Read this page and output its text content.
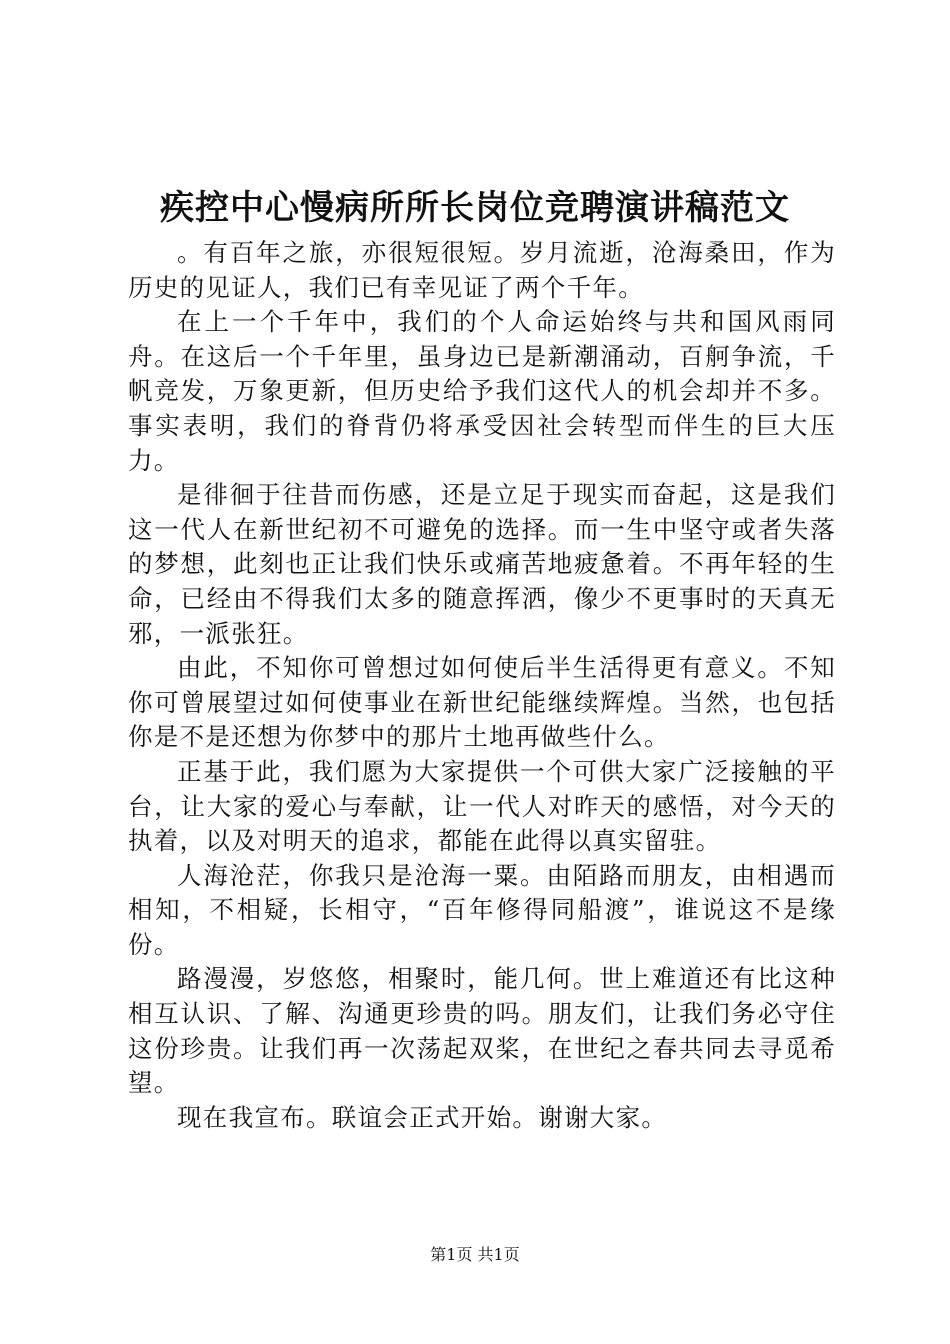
疾控中心慢病所所长岗位竞聘演讲稿范文

。有百年之旅，亦很短很短。岁月流逝，沧海桑田，作为历史的见证人，我们已有幸见证了两个千年。

在上一个千年中，我们的个人命运始终与共和国风雨同舟。在这后一个千年里，虽身边已是新潮涌动，百舸争流，千帆竞发，万象更新，但历史给予我们这代人的机会却并不多。事实表明，我们的脊背仍将承受因社会转型而伴生的巨大压力。

是徘徊于往昔而伤感，还是立足于现实而奋起，这是我们这一代人在新世纪初不可避免的选择。而一生中坚守或者失落的梦想，此刻也正让我们快乐或痛苦地疲惫着。不再年轻的生命，已经由不得我们太多的随意挥洒，像少不更事时的天真无邪，一派张狂。

由此，不知你可曾想过如何使后半生活得更有意义。不知你可曾展望过如何使事业在新世纪能继续辉煌。当然，也包括你是不是还想为你梦中的那片土地再做些什么。

正基于此，我们愿为大家提供一个可供大家广泛接触的平台，让大家的爱心与奉献，让一代人对昨天的感悟，对今天的执着，以及对明天的追求，都能在此得以真实留驻。

人海沧茫，你我只是沧海一粟。由陌路而朋友，由相遇而相知，不相疑，长相守，“百年修得同船渡”，谁说这不是缘份。

路漫漫，岁悠悠，相聚时，能几何。世上难道还有比这种相互认识、了解、沟通更珍贵的吗。朋友们，让我们务必守住这份珍贵。让我们再一次荡起双桨，在世纪之春共同去寻觅希望。

现在我宣布。联谊会正式开始。谢谢大家。

第1页 共1页
